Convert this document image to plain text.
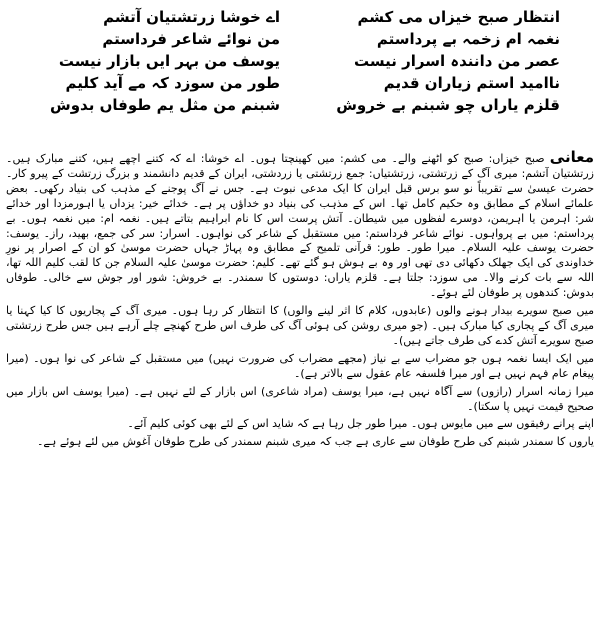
انتظار صبح خیزاں می کشم
اے خوشا زرتشتیان آتشم
نغمہ ام زخمہ بے پرداستم
من نوائے شاعر فرداستم
عصر من دانندہ اسرار نیست
یوسف من بہر ایں بازار نیست
ناامید استم زیاران قدیم
طور من سوزد کہ مے آید کلیم
قلزم یاراں چو شبنم بے خروش
شبنم من مثل یم طوفاں بدوش

معانی صبح خیزاں: صبح کو اٹھنے والے۔ می کشم: میں کھینچتا ہوں۔ اے خوشا: اے کہ کتنے اچھے ہیں، کتنے مبارک ہیں۔ زرتشتیان آتشم: میری آگ کے زرتشتی، زرتشتیاں: جمع زرتشتی یا زردشتی، ایران کے قدیم دانشمند و بزرگ زرتشت کے پیرو کار۔ حضرت عیسیٰ سے تقریباً نو سو برس قبل ایران کا ایک مدعی نبوت ہے۔ جس نے آگ پوجنے کے مذہب کی بنیاد رکھی۔ بعض علمائے اسلام کے مطابق وہ حکیم کامل تھا۔ اس کے مذہب کی بنیاد دو خداؤں پر ہے۔ خدائے خیر: یزداں یا اہورمزدا اور خدائے شر: اہرمن یا اہریمن، دوسرے لفظوں میں شیطان۔ آتش پرست اس کا نام ابراہیم بتاتے ہیں۔ نغمہ ام: میں نغمہ ہوں۔ بے پرداستم: میں بے پرواہوں۔ نوائے شاعر فرداستم: میں مستقبل کے شاعر کی نواہوں۔ اسرار: سر کی جمع، بھید، راز۔ یوسف: حضرت یوسف علیہ السلام۔ میرا طور۔ طور: قرآنی تلمیح کے مطابق وہ پہاڑ جہاں حضرت موسیٰ کو ان کے اصرار پر نورِ خداوندی کی ایک جھلک دکھائی دی تھی اور وہ بے ہوش ہو گئے تھے۔ کلیم: حضرت موسیٰ علیہ السلام جن کا لقب کلیم اللہ تھا، اللہ سے بات کرنے والا۔ می سوزد: جلتا ہے۔ قلزم یاراں: دوستوں کا سمندر۔ بے خروش: شور اور جوش سے خالی۔ طوفاں بدوش: کندھوں پر طوفان لئے ہوئے۔

میں صبح سویرے بیدار ہونے والوں (عابدوں، کلام کا اثر لینے والوں) کا انتظار کر رہا ہوں۔ میری آگ کے پجاریوں کا کیا کہنا یا میری آگ کے پجاری کیا مبارک ہیں۔ (جو میری روشن کی ہوئی آگ کی طرف اس طرح کھنچے چلے آرہے ہیں جس طرح زرتشتی صبح سویرے آتش کدے کی طرف جاتے ہیں)۔

میں ایک ایسا نغمہ ہوں جو مضراب سے بے نیاز (مجھے مضراب کی ضرورت نہیں) میں مستقبل کے شاعر کی نوا ہوں۔ (میرا پیغام عام فہم نہیں ہے اور میرا فلسفہ عام عقول سے بالاتر ہے)۔

میرا زمانہ اسرار (رازوں) سے آگاہ نہیں ہے، میرا یوسف (مراد شاعری) اس بازار کے لئے نہیں ہے۔ (میرا یوسف اس بازار میں صحیح قیمت نہیں پا سکتا)۔

اپنے پرانے رفیقوں سے میں مایوس ہوں۔ میرا طور جل رہا ہے کہ شاید اس کے لئے بھی کوئی کلیم آئے۔

یاروں کا سمندر شبنم کی طرح طوفان سے عاری ہے جب کہ میری شبنم سمندر کی طرح طوفان آغوش میں لئے ہوئے ہے۔
